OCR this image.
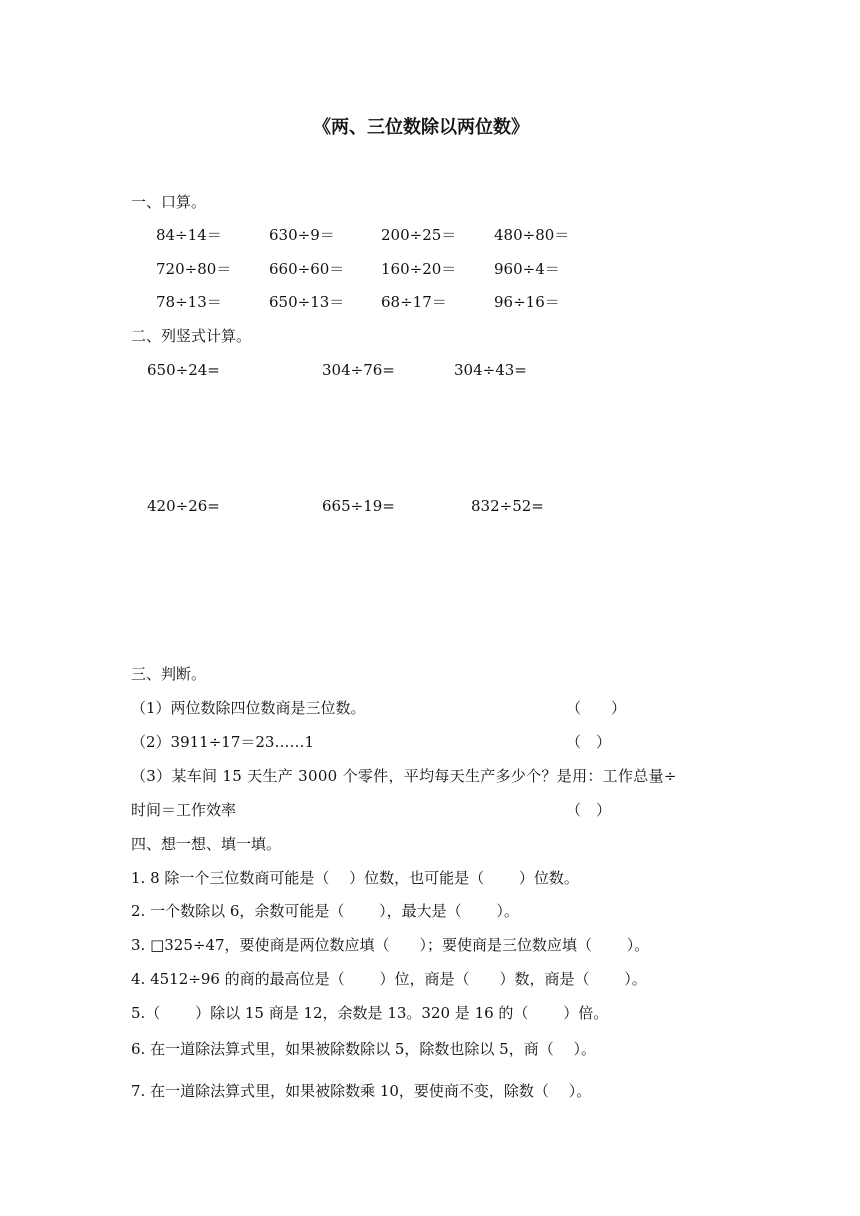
《两、三位数除以两位数》
一、口算。
84÷14＝	630÷9＝	200÷25＝	480÷80＝
720÷80＝	660÷60＝ 160÷20＝	960÷4＝
78÷13＝	650÷13＝ 68÷17＝	96÷16＝
二、列竖式计算。
650÷24=	304÷76=	304÷43=
420÷26=	665÷19=	832÷52=
三、判断。
（1）两位数除四位数商是三位数。	（　　）
（2）3911÷17＝23……1	（　）
（3）某车间 15 天生产 3000 个零件，平均每天生产多少个？是用：工作总量÷
时间＝工作效率	（　）
四、想一想、填一填。
1. 8 除一个三位数商可能是（　 ）位数，也可能是（　　 ）位数。
2. 一个数除以 6，余数可能是（　　 ），最大是（　　 ）。
3. □325÷47，要使商是两位数应填（　　）；要使商是三位数应填（　　 ）。
4. 4512÷96 的商的最高位是（　　 ）位，商是（　　）数，商是（　　 ）。
5.（　　 ）除以 15 商是 12，余数是 13。320 是 16 的（　　 ）倍。
6. 在一道除法算式里，如果被除数除以 5，除数也除以 5，商（　 ）。
7. 在一道除法算式里，如果被除数乘 10，要使商不变，除数（　 ）。
